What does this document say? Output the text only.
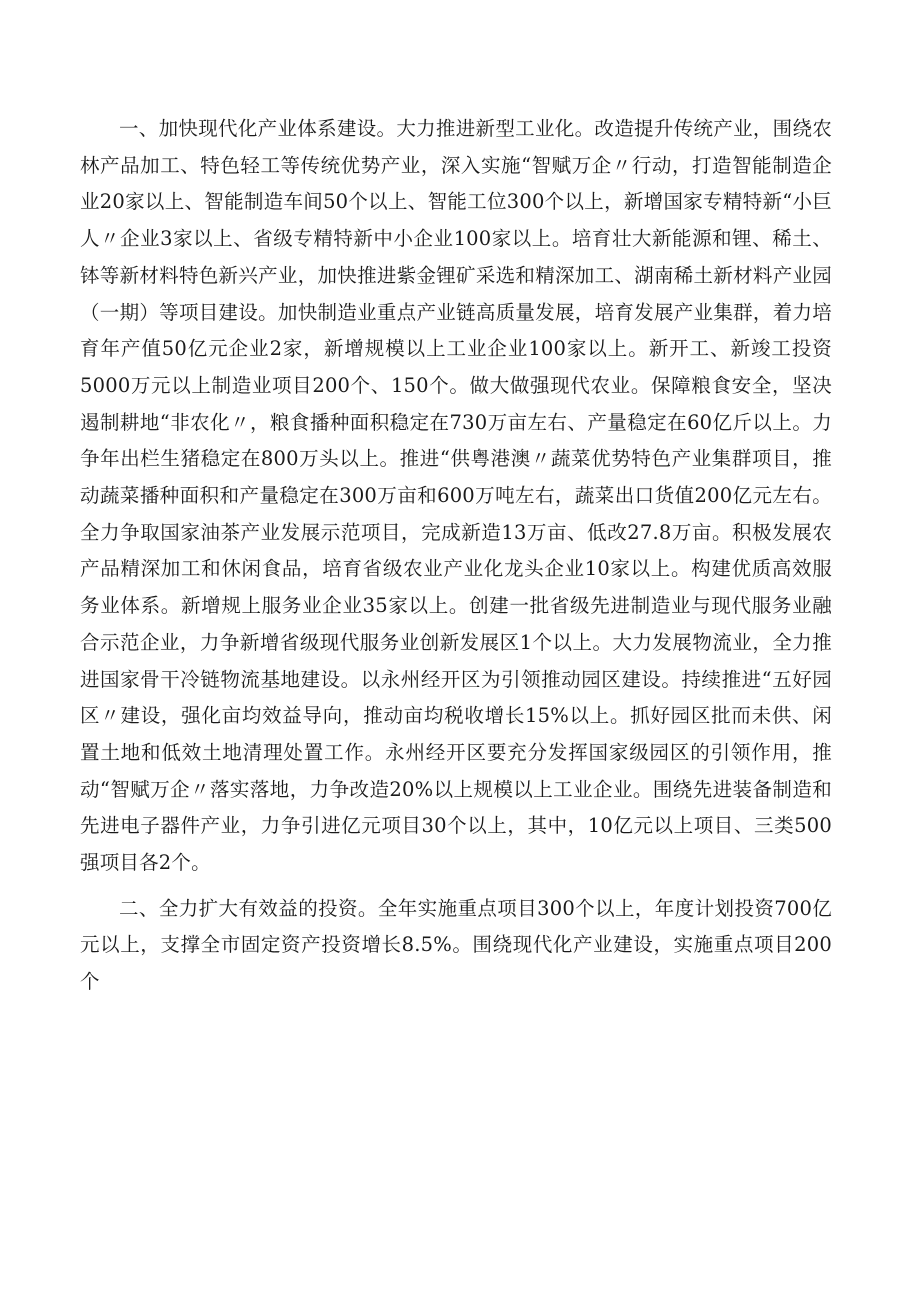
一、加快现代化产业体系建设。大力推进新型工业化。改造提升传统产业，围绕农林产品加工、特色轻工等传统优势产业，深入实施“智赋万企〃行动，打造智能制造企业20家以上、智能制造车间50个以上、智能工位300个以上，新增国家专精特新“小巨人〃企业3家以上、省级专精特新中小企业100家以上。培育壮大新能源和锂、稀土、钵等新材料特色新兴产业，加快推进紫金锂矿采选和精深加工、湖南稀土新材料产业园（一期）等项目建设。加快制造业重点产业链高质量发展，培育发展产业集群，着力培育年产值50亿元企业2家，新增规模以上工业企业100家以上。新开工、新竣工投资5000万元以上制造业项目200个、150个。做大做强现代农业。保障粮食安全，坚决遏制耕地“非农化〃，粮食播种面积稳定在730万亩左右、产量稳定在60亿斤以上。力争年出栏生猪稳定在800万头以上。推进“供粤港澳〃蔬菜优势特色产业集群项目，推动蔬菜播种面积和产量稳定在300万亩和600万吨左右，蔬菜出口货值200亿元左右。全力争取国家油茶产业发展示范项目，完成新造13万亩、低改27.8万亩。积极发展农产品精深加工和休闲食品，培育省级农业产业化龙头企业10家以上。构建优质高效服务业体系。新增规上服务业企业35家以上。创建一批省级先进制造业与现代服务业融合示范企业，力争新增省级现代服务业创新发展区1个以上。大力发展物流业，全力推进国家骨干冷链物流基地建设。以永州经开区为引领推动园区建设。持续推进“五好园区〃建设，强化亩均效益导向，推动亩均税收增长15%以上。抓好园区批而未供、闲置土地和低效土地清理处置工作。永州经开区要充分发挥国家级园区的引领作用，推动“智赋万企〃落实落地，力争改造20%以上规模以上工业企业。围绕先进装备制造和先进电子器件产业，力争引进亿元项目30个以上，其中，10亿元以上项目、三类500强项目各2个。

二、全力扩大有效益的投资。全年实施重点项目300个以上，年度计划投资700亿元以上，支撑全市固定资产投资增长8.5%。围绕现代化产业建设，实施重点项目200个
